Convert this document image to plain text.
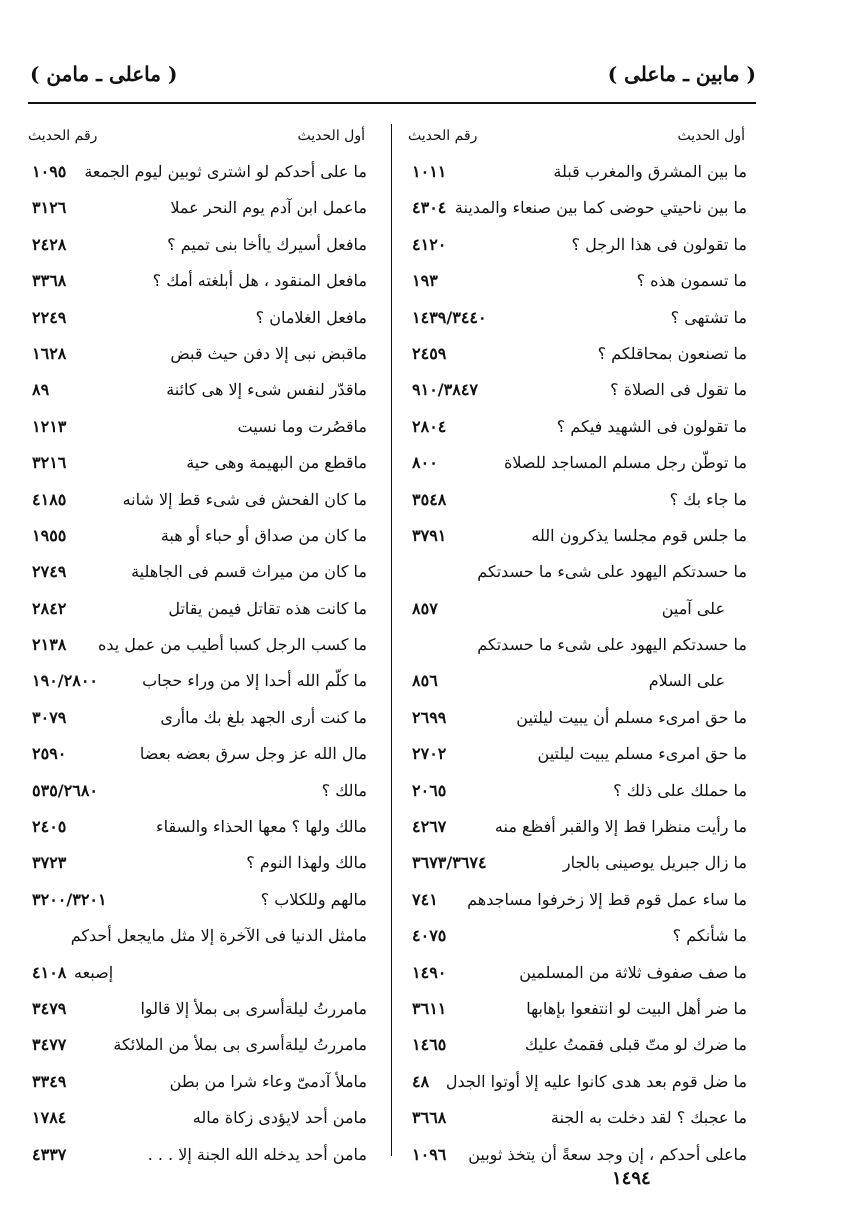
( مابين ـ ماعلى )
( ماعلى ـ مامن )
أول الحديث
رقم الحديث
ما بين المشرق والمغرب قبلة
١٠١١
ما بين ناحيتي حوضى كما بين صنعاء والمدينة
٤٣٠٤
ما تقولون فى هذا الرجل ؟
٤١٢٠
ما تسمون هذه ؟
١٩٣
ما تشتهى ؟
١٤٣٩/٣٤٤٠
ما تصنعون بمحاقلكم ؟
٢٤٥٩
ما تقول فى الصلاة ؟
٩١٠/٣٨٤٧
ما تقولون فى الشهيد فيكم ؟
٢٨٠٤
ما توطّن رجل مسلم المساجد للصلاة
٨٠٠
ما جاء بك ؟
٣٥٤٨
ما جلس قوم مجلسا يذكرون الله
٣٧٩١
ما حسدتكم اليهود على شىء ما حسدتكم
على آمين
٨٥٧
ما حسدتكم اليهود على شىء ما حسدتكم
على السلام
٨٥٦
ما حق امرىء مسلم أن يبيت ليلتين
٢٦٩٩
ما حق امرىء مسلم يبيت ليلتين
٢٧٠٢
ما حملك على ذلك ؟
٢٠٦٥
ما رأيت منظرا قط إلا والقبر أفظع منه
٤٢٦٧
ما زال جبريل يوصينى بالجار
٣٦٧٣/٣٦٧٤
ما ساء عمل قوم قط إلا زخرفوا مساجدهم
٧٤١
ما شأنكم ؟
٤٠٧٥
ما صف صفوف ثلاثة من المسلمين
١٤٩٠
ما ضر أهل البيت لو انتفعوا بإهابها
٣٦١١
ما ضرك لو متّ قبلى فقمتُ عليك
١٤٦٥
ما ضل قوم بعد هدى كانوا عليه إلا أوتوا الجدل
٤٨
ما عجبك ؟ لقد دخلت به الجنة
٣٦٦٨
ماعلى أحدكم ، إن وجد سعةً أن يتخذ ثوبين
١٠٩٦
أول الحديث
رقم الحديث
ما على أحدكم لو اشترى ثوبين ليوم الجمعة
١٠٩٥
ماعمل ابن آدم يوم النحر عملا
٣١٢٦
مافعل أسيرك ياأخا بنى تميم ؟
٢٤٢٨
مافعل المنقود ، هل أبلغته أمك ؟
٣٣٦٨
مافعل الغلامان ؟
٢٢٤٩
ماقبض نبى إلا دفن حيث قبض
١٦٢٨
ماقدّر لنفس شىء إلا هى كائنة
٨٩
ماقصُرت وما نسيت
١٢١٣
ماقطع من البهيمة وهى حية
٣٢١٦
ما كان الفحش فى شىء قط إلا شانه
٤١٨٥
ما كان من صداق أو حباء أو هبة
١٩٥٥
ما كان من ميراث قسم فى الجاهلية
٢٧٤٩
ما كانت هذه تقاتل فيمن يقاتل
٢٨٤٢
ما كسب الرجل كسبا أطيب من عمل يده
٢١٣٨
ما كلّم الله أحدا إلا من وراء حجاب
١٩٠/٢٨٠٠
ما كنت أرى الجهد بلغ بك ماأرى
٣٠٧٩
مال الله عز وجل سرق بعضه بعضا
٢٥٩٠
مالك ؟
٥٣٥/٢٦٨٠
مالك ولها ؟ معها الحذاء والسقاء
٢٤٠٥
مالك ولهذا النوم ؟
٣٧٢٣
مالهم وللكلاب ؟
٣٢٠٠/٣٢٠١
مامثل الدنيا فى الآخرة إلا مثل مايجعل أحدكم
إصبعه
٤١٠٨
مامررتُ ليلةأسرى بى بملأ إلا قالوا
٣٤٧٩
مامررتُ ليلةأسرى بى بملأ من الملائكة
٣٤٧٧
ماملأ آدمىّ وعاء شرا من بطن
٣٣٤٩
مامن أحد لايؤدى زكاة ماله
١٧٨٤
مامن أحد يدخله الله الجنة إلا . . .
٤٣٣٧
١٤٩٤
